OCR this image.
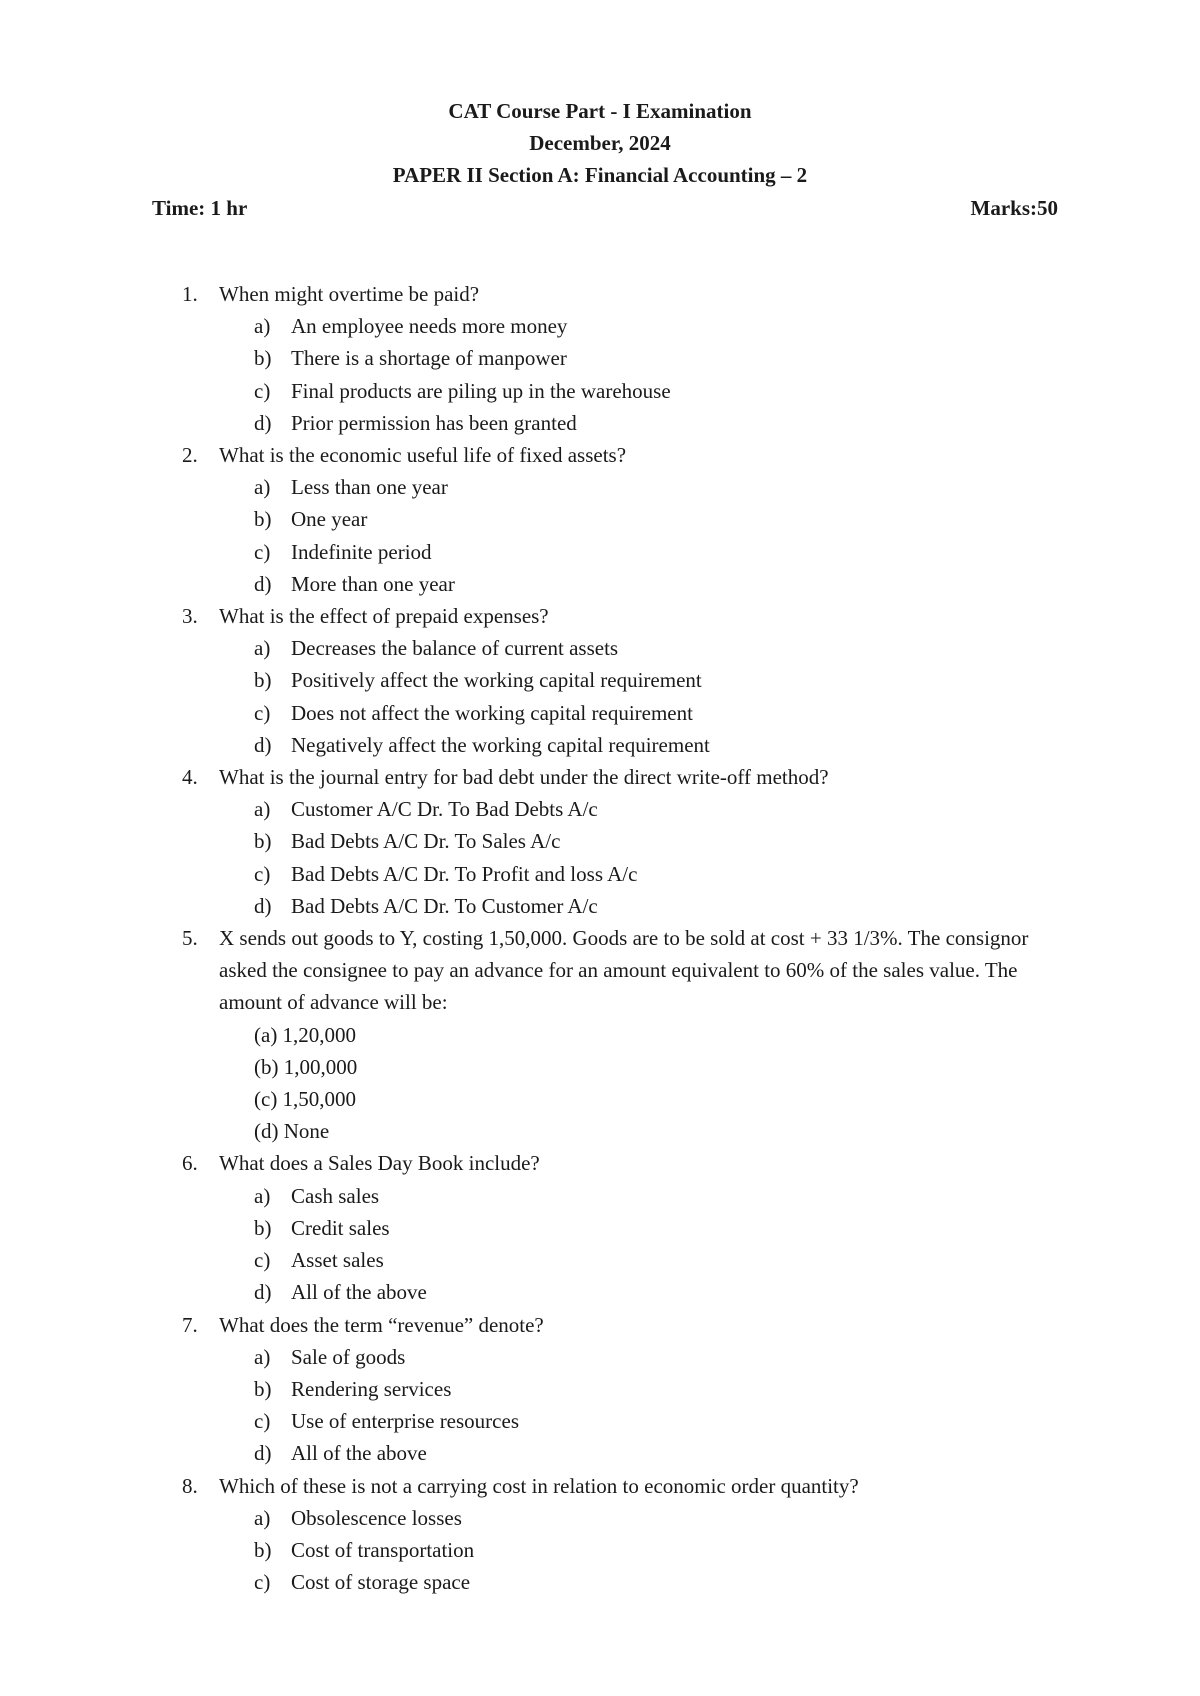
CAT Course Part - I Examination
December, 2024
PAPER II Section A: Financial Accounting – 2
Time: 1 hr	Marks:50
1. When might overtime be paid?
a) An employee needs more money
b) There is a shortage of manpower
c) Final products are piling up in the warehouse
d) Prior permission has been granted
2. What is the economic useful life of fixed assets?
a) Less than one year
b) One year
c) Indefinite period
d) More than one year
3. What is the effect of prepaid expenses?
a) Decreases the balance of current assets
b) Positively affect the working capital requirement
c) Does not affect the working capital requirement
d) Negatively affect the working capital requirement
4. What is the journal entry for bad debt under the direct write-off method?
a) Customer A/C Dr. To Bad Debts A/c
b) Bad Debts A/C Dr. To Sales A/c
c) Bad Debts A/C Dr. To Profit and loss A/c
d) Bad Debts A/C Dr. To Customer A/c
5. X sends out goods to Y, costing 1,50,000. Goods are to be sold at cost + 33 1/3%. The consignor asked the consignee to pay an advance for an amount equivalent to 60% of the sales value. The amount of advance will be:
(a) 1,20,000
(b) 1,00,000
(c) 1,50,000
(d) None
6. What does a Sales Day Book include?
a) Cash sales
b) Credit sales
c) Asset sales
d) All of the above
7. What does the term “revenue” denote?
a) Sale of goods
b) Rendering services
c) Use of enterprise resources
d) All of the above
8. Which of these is not a carrying cost in relation to economic order quantity?
a) Obsolescence losses
b) Cost of transportation
c) Cost of storage space
